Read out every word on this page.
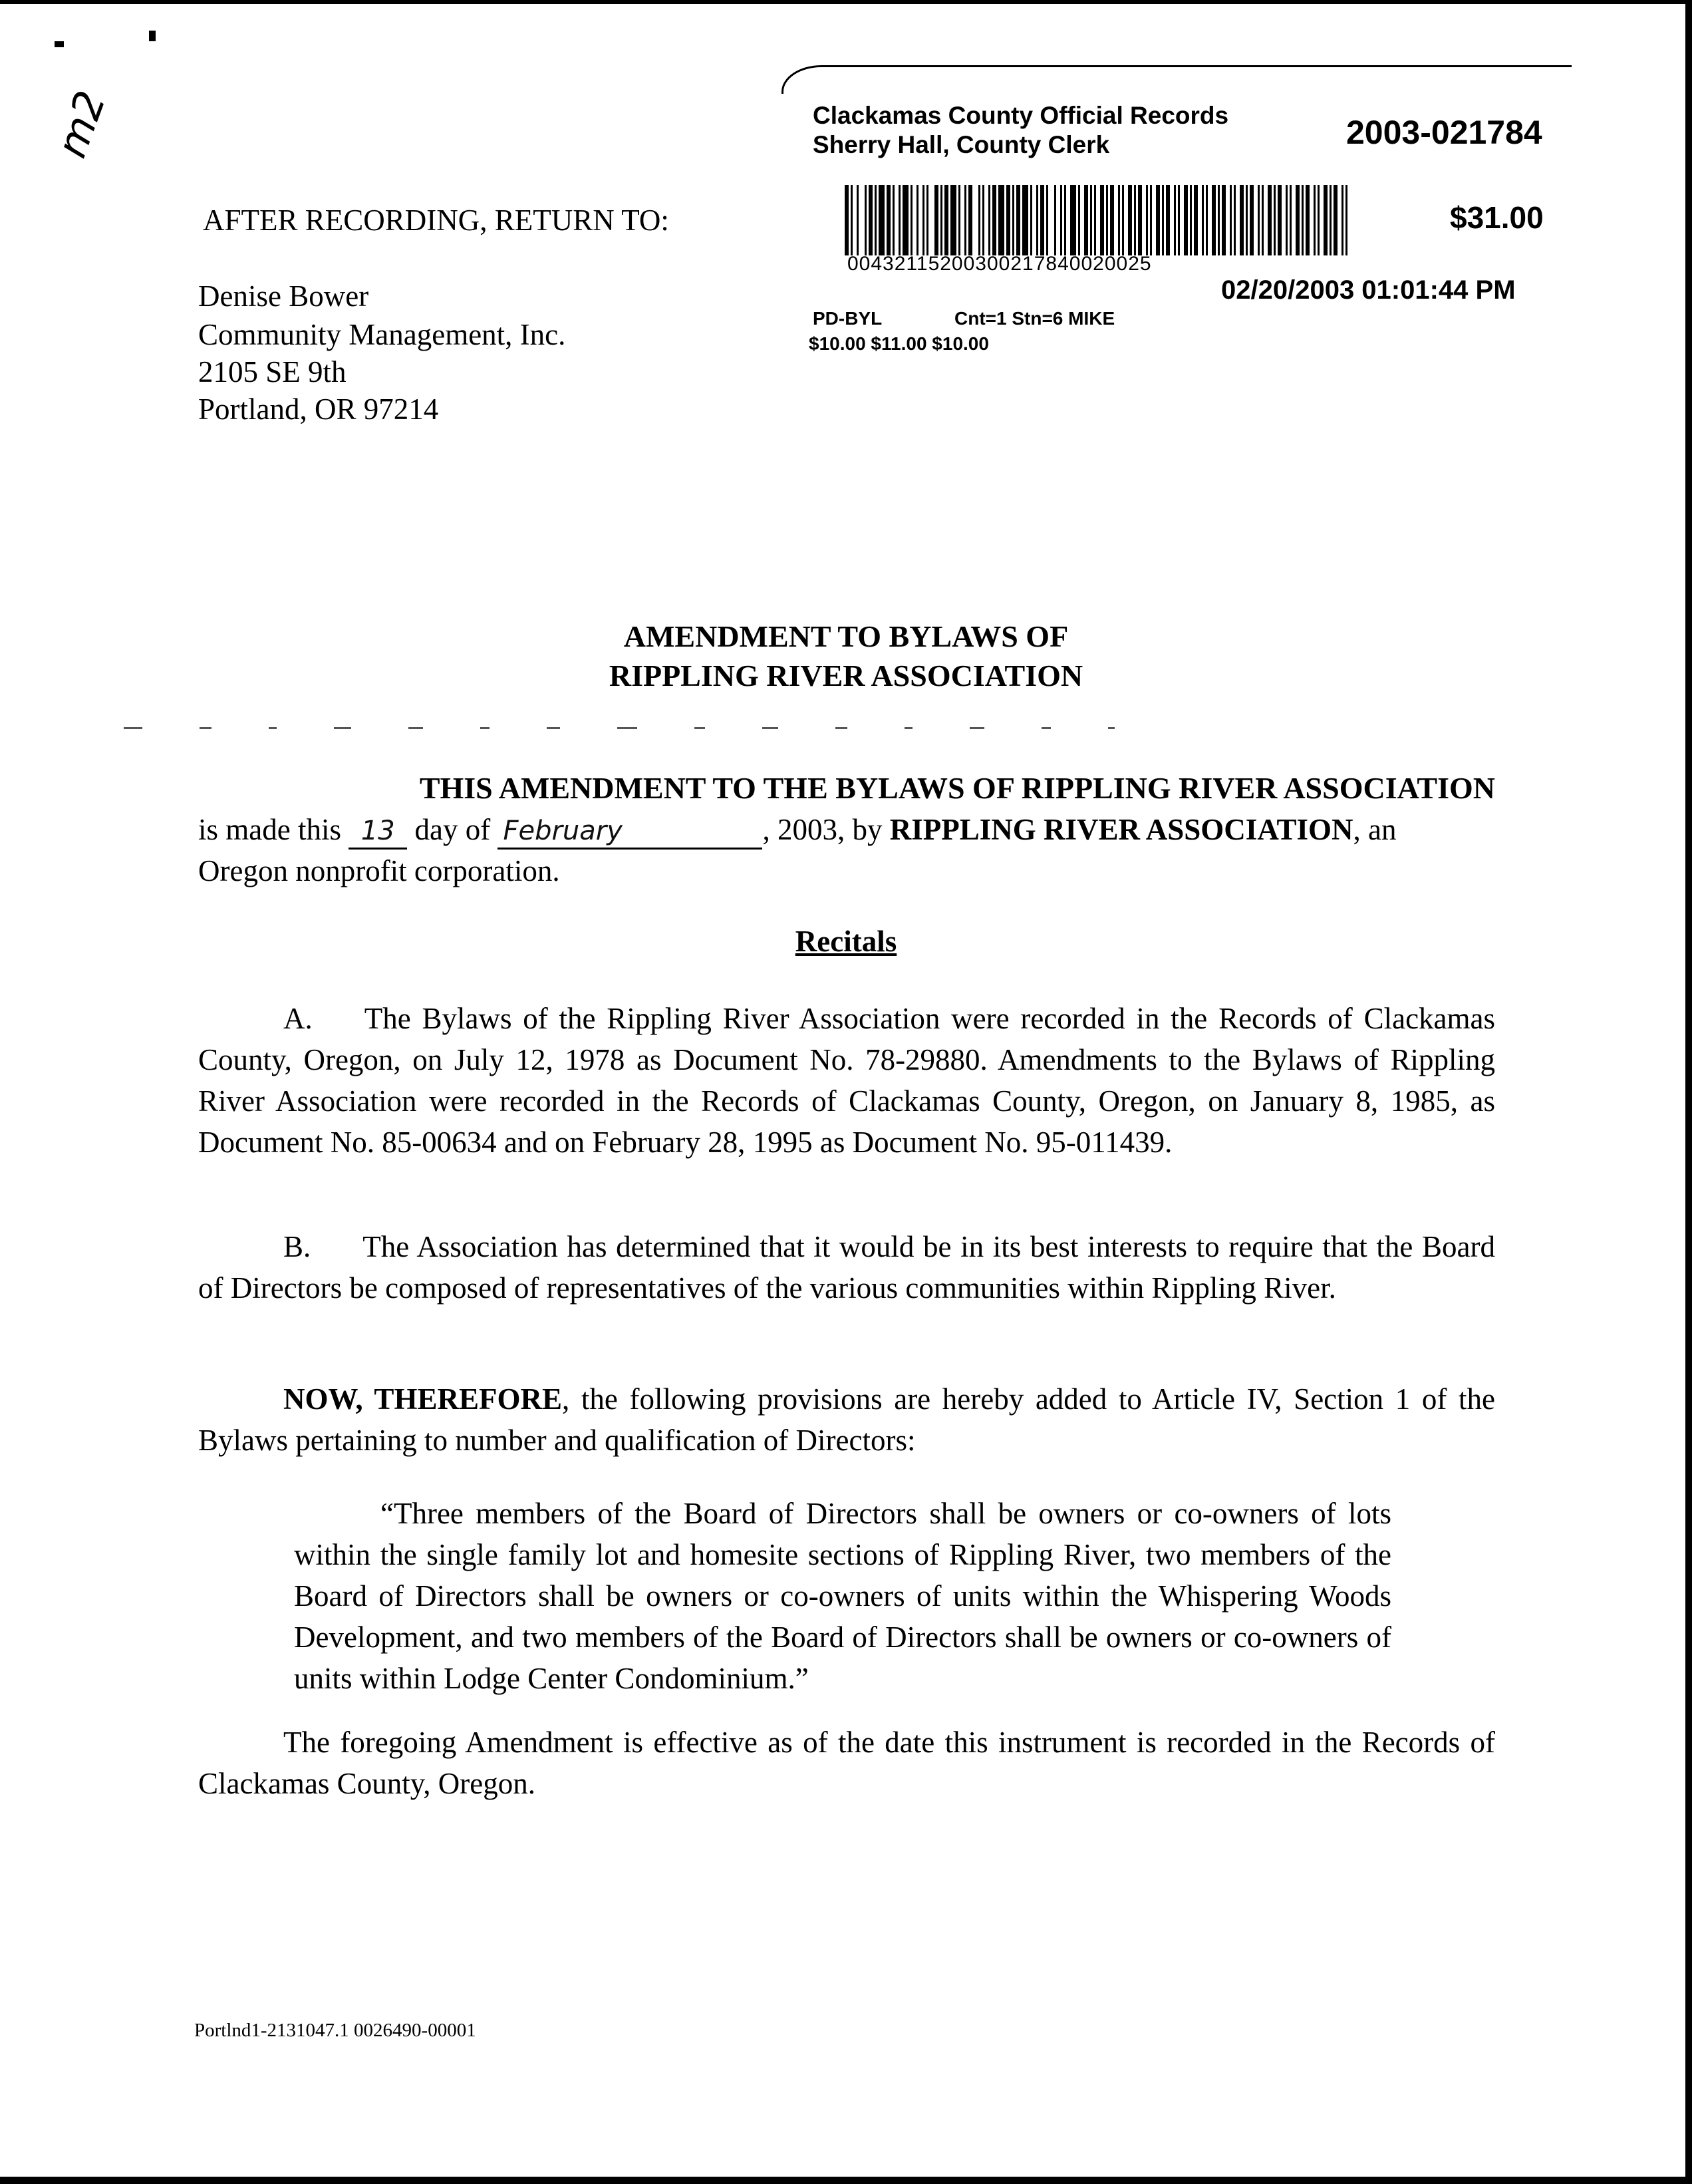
m2	Clackamas County Official Records
Sherry Hall, County Clerk	2003-021784
$31.00
00432115200300217840020025
02/20/2003 01:01:44 PM
PD-BYL	Cnt=1 Stn=6 MIKE
$10.00 $11.00 $10.00
AFTER RECORDING, RETURN TO:
Denise Bower
Community Management, Inc.
2105 SE 9th
Portland, OR 97214
AMENDMENT TO BYLAWS OF
RIPPLING RIVER ASSOCIATION
THIS AMENDMENT TO THE BYLAWS OF RIPPLING RIVER ASSOCIATION
is made this 13 day of February	, 2003, by RIPPLING RIVER ASSOCIATION, an
Oregon nonprofit corporation.
Recitals
A. The Bylaws of the Rippling River Association were recorded in the Records of Clackamas County, Oregon, on July 12, 1978 as Document No. 78-29880. Amendments to the Bylaws of Rippling River Association were recorded in the Records of Clackamas County, Oregon, on January 8, 1985, as Document No. 85-00634 and on February 28, 1995 as Document No. 95-011439.
B. The Association has determined that it would be in its best interests to require that the Board of Directors be composed of representatives of the various communities within Rippling River.
NOW, THEREFORE, the following provisions are hereby added to Article IV, Section 1 of the Bylaws pertaining to number and qualification of Directors:
“Three members of the Board of Directors shall be owners or co-owners of lots within the single family lot and homesite sections of Rippling River, two members of the Board of Directors shall be owners or co-owners of units within the Whispering Woods Development, and two members of the Board of Directors shall be owners or co-owners of units within Lodge Center Condominium.”
The foregoing Amendment is effective as of the date this instrument is recorded in the Records of Clackamas County, Oregon.
Portlnd1-2131047.1 0026490-00001
